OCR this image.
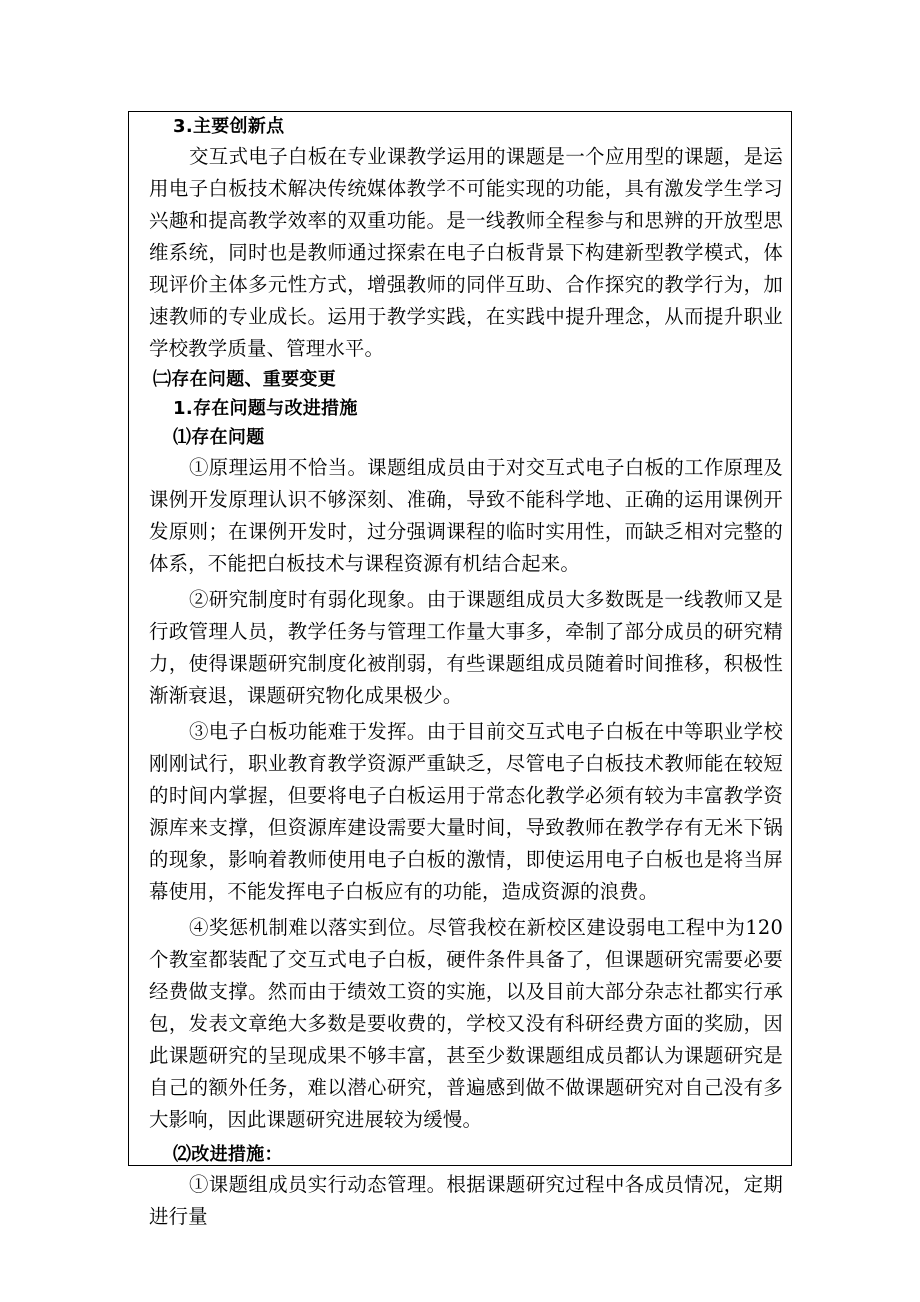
3.主要创新点

交互式电子白板在专业课教学运用的课题是一个应用型的课题，是运用电子白板技术解决传统媒体教学不可能实现的功能，具有激发学生学习兴趣和提高教学效率的双重功能。是一线教师全程参与和思辨的开放型思维系统，同时也是教师通过探索在电子白板背景下构建新型教学模式，体现评价主体多元性方式，增强教师的同伴互助、合作探究的教学行为，加速教师的专业成长。运用于教学实践，在实践中提升理念，从而提升职业学校教学质量、管理水平。

㈡存在问题、重要变更

1.存在问题与改进措施

⑴存在问题

①原理运用不恰当。课题组成员由于对交互式电子白板的工作原理及课例开发原理认识不够深刻、准确，导致不能科学地、正确的运用课例开发原则；在课例开发时，过分强调课程的临时实用性，而缺乏相对完整的体系，不能把白板技术与课程资源有机结合起来。

②研究制度时有弱化现象。由于课题组成员大多数既是一线教师又是行政管理人员，教学任务与管理工作量大事多，牵制了部分成员的研究精力，使得课题研究制度化被削弱，有些课题组成员随着时间推移，积极性渐渐衰退，课题研究物化成果极少。

③电子白板功能难于发挥。由于目前交互式电子白板在中等职业学校刚刚试行，职业教育教学资源严重缺乏，尽管电子白板技术教师能在较短的时间内掌握，但要将电子白板运用于常态化教学必须有较为丰富教学资源库来支撑，但资源库建设需要大量时间，导致教师在教学存有无米下锅的现象，影响着教师使用电子白板的激情，即使运用电子白板也是将当屏幕使用，不能发挥电子白板应有的功能，造成资源的浪费。

④奖惩机制难以落实到位。尽管我校在新校区建设弱电工程中为120个教室都装配了交互式电子白板，硬件条件具备了，但课题研究需要必要经费做支撑。然而由于绩效工资的实施，以及目前大部分杂志社都实行承包，发表文章绝大多数是要收费的，学校又没有科研经费方面的奖励，因此课题研究的呈现成果不够丰富，甚至少数课题组成员都认为课题研究是自己的额外任务，难以潜心研究，普遍感到做不做课题研究对自己没有多大影响，因此课题研究进展较为缓慢。

⑵改进措施：

①课题组成员实行动态管理。根据课题研究过程中各成员情况，定期进行量
